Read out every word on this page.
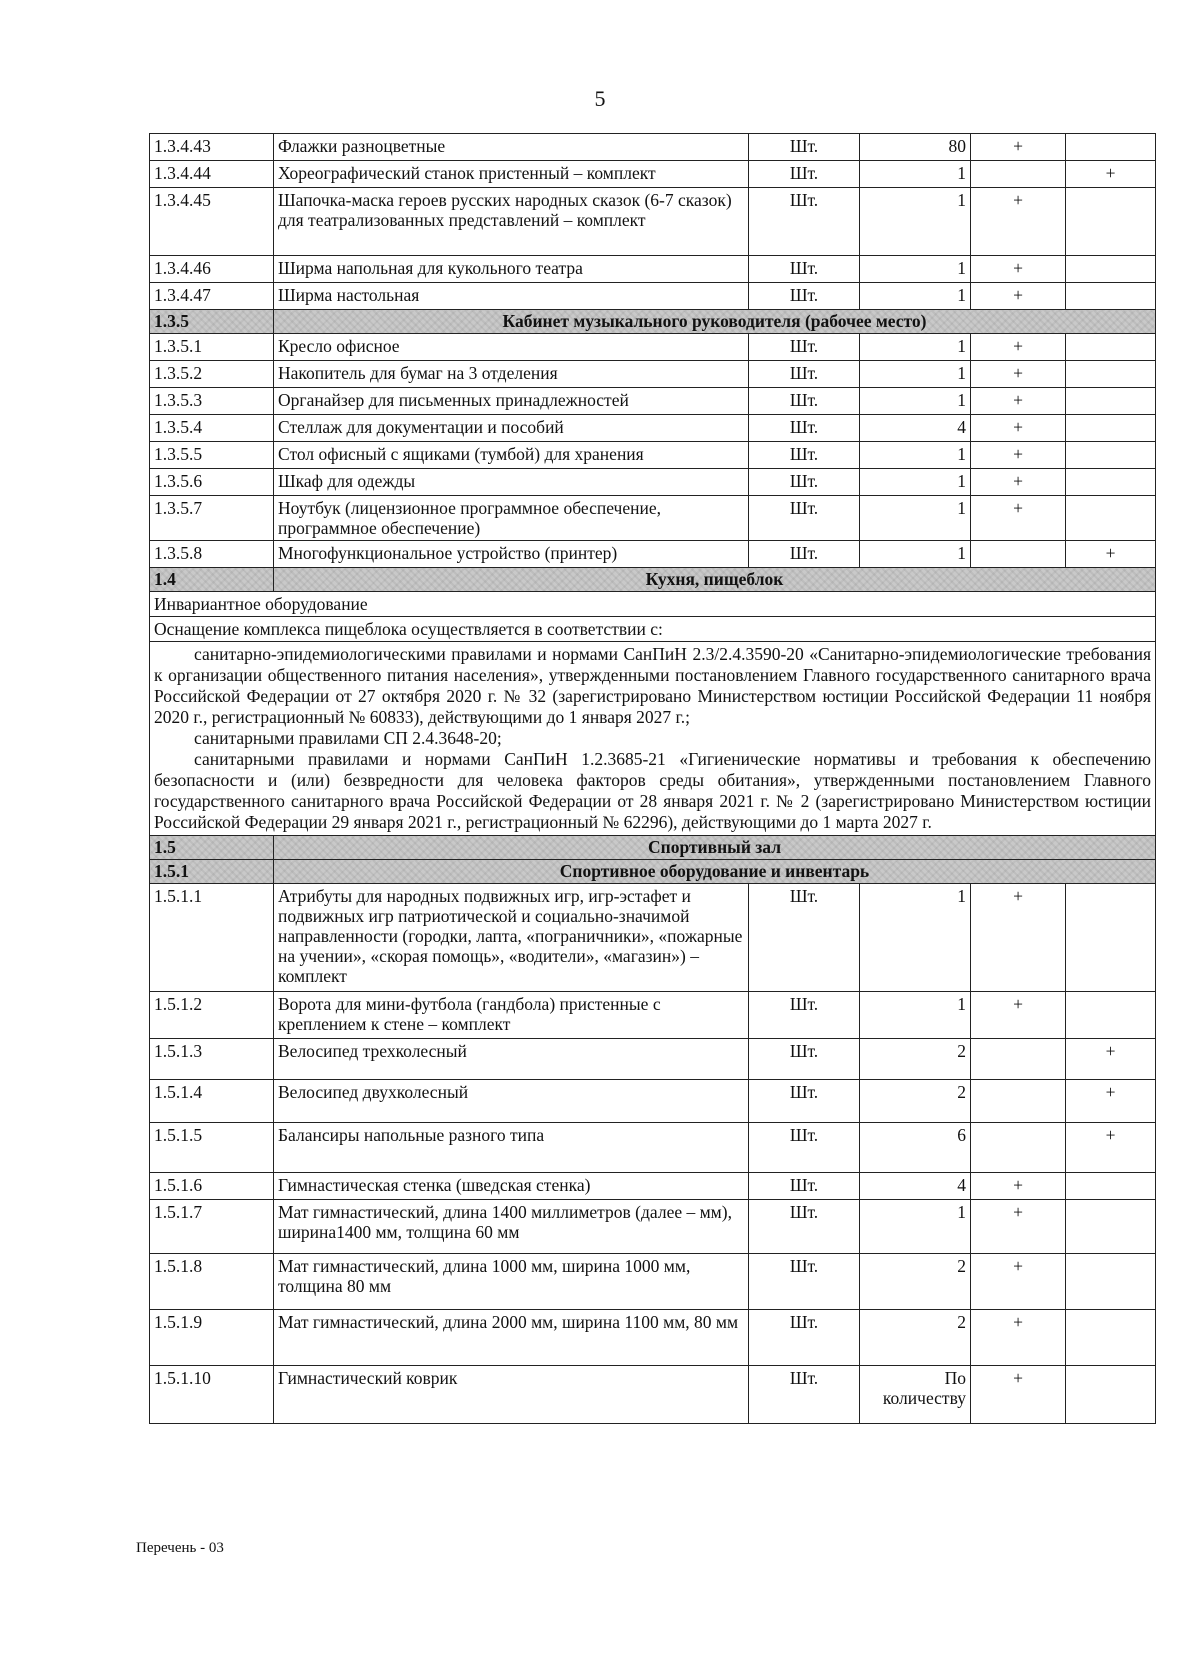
5
1.3.4.43	Флажки разноцветные	Шт.	80	+	
1.3.4.44	Хореографический станок пристенный – комплект	Шт.	1		+
1.3.4.45	Шапочка-маска героев русских народных сказок (6-7 сказок) для театрализованных представлений – комплект	Шт.	1	+	
1.3.4.46	Ширма напольная для кукольного театра	Шт.	1	+	
1.3.4.47	Ширма настольная	Шт.	1	+	
1.3.5	Кабинет музыкального руководителя (рабочее место)				
1.3.5.1	Кресло офисное	Шт.	1	+	
1.3.5.2	Накопитель для бумаг на 3 отделения	Шт.	1	+	
1.3.5.3	Органайзер для письменных принадлежностей	Шт.	1	+	
1.3.5.4	Стеллаж для документации и пособий	Шт.	4	+	
1.3.5.5	Стол офисный с ящиками (тумбой) для хранения	Шт.	1	+	
1.3.5.6	Шкаф для одежды	Шт.	1	+	
1.3.5.7	Ноутбук (лицензионное программное обеспечение, программное обеспечение)	Шт.	1	+	
1.3.5.8	Многофункциональное устройство (принтер)	Шт.	1		+
1.4	Кухня, пищеблок				
Инвариантное оборудование					
Оснащение комплекса пищеблока осуществляется в соответствии с:					

санитарно-эпидемиологическими правилами и нормами СанПиН 2.3/2.4.3590-20 «Санитарно-эпидемиологические требования к организации общественного питания населения», утвержденными постановлением Главного государственного санитарного врача Российской Федерации от 27 октября 2020 г. № 32 (зарегистрировано Министерством юстиции Российской Федерации 11 ноября 2020 г., регистрационный № 60833), действующими до 1 января 2027 г.;

санитарными правилами СП 2.4.3648-20;

санитарными правилами и нормами СанПиН 1.2.3685-21 «Гигиенические нормативы и требования к обеспечению безопасности и (или) безвредности для человека факторов среды обитания», утвержденными постановлением Главного государственного санитарного врача Российской Федерации от 28 января 2021 г. № 2 (зарегистрировано Министерством юстиции Российской Федерации 29 января 2021 г., регистрационный № 62296), действующими до 1 марта 2027 г.					

1.5	Спортивный зал				
1.5.1	Спортивное оборудование и инвентарь				
1.5.1.1	Атрибуты для народных подвижных игр, игр-эстафет и подвижных игр патриотической и социально-значимой направленности (городки, лапта, «пограничники», «пожарные на учении», «скорая помощь», «водители», «магазин») – комплект	Шт.	1	+	
1.5.1.2	Ворота для мини-футбола (гандбола) пристенные с креплением к стене – комплект	Шт.	1	+	
1.5.1.3	Велосипед трехколесный	Шт.	2		+
1.5.1.4	Велосипед двухколесный	Шт.	2		+
1.5.1.5	Балансиры напольные разного типа	Шт.	6		+
1.5.1.6	Гимнастическая стенка (шведская стенка)	Шт.	4	+	
1.5.1.7	Мат гимнастический, длина 1400 миллиметров (далее – мм), ширина1400 мм, толщина 60 мм	Шт.	1	+	
1.5.1.8	Мат гимнастический, длина 1000 мм, ширина 1000 мм, толщина 80 мм	Шт.	2	+	
1.5.1.9	Мат гимнастический, длина 2000 мм, ширина 1100 мм, 80 мм	Шт.	2	+	
1.5.1.10	Гимнастический коврик	Шт.	По количеству	+	
Перечень - 03
